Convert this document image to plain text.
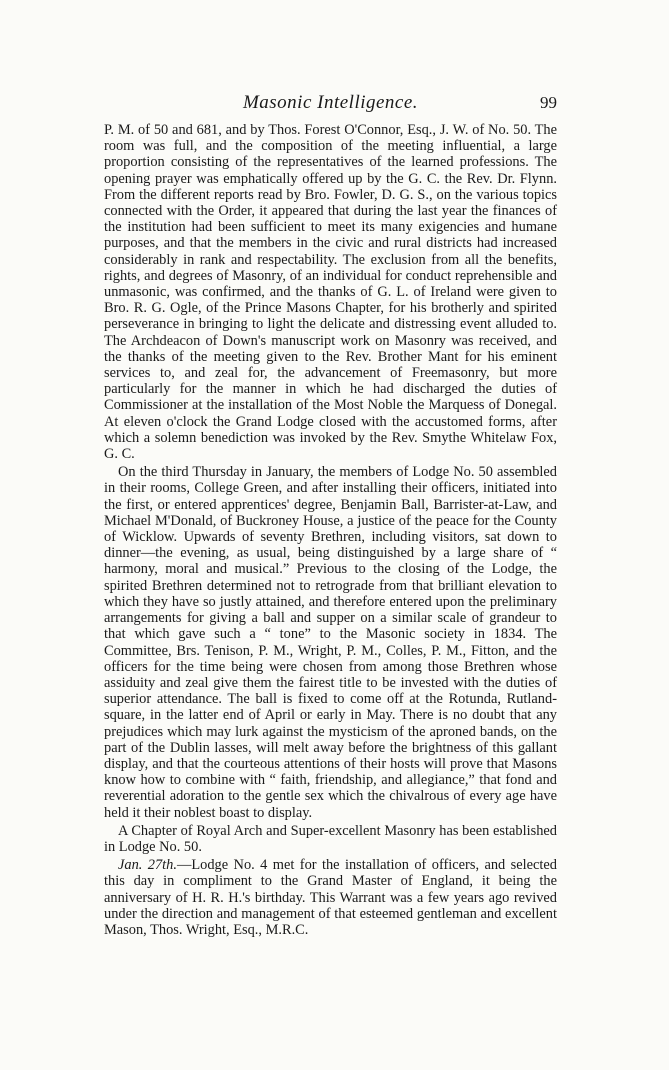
Masonic Intelligence.	99

P. M. of 50 and 681, and by Thos. Forest O'Connor, Esq., J. W. of No. 50. The room was full, and the composition of the meeting influential, a large proportion consisting of the representatives of the learned professions. The opening prayer was emphatically offered up by the G. C. the Rev. Dr. Flynn. From the different reports read by Bro. Fowler, D. G. S., on the various topics connected with the Order, it appeared that during the last year the finances of the institution had been sufficient to meet its many exigencies and humane purposes, and that the members in the civic and rural districts had increased considerably in rank and respectability. The exclusion from all the benefits, rights, and degrees of Masonry, of an individual for conduct reprehensible and unmasonic, was confirmed, and the thanks of G. L. of Ireland were given to Bro. R. G. Ogle, of the Prince Masons Chapter, for his brotherly and spirited perseverance in bringing to light the delicate and distressing event alluded to. The Archdeacon of Down's manuscript work on Masonry was received, and the thanks of the meeting given to the Rev. Brother Mant for his eminent services to, and zeal for, the advancement of Freemasonry, but more particularly for the manner in which he had discharged the duties of Commissioner at the installation of the Most Noble the Marquess of Donegal. At eleven o'clock the Grand Lodge closed with the accustomed forms, after which a solemn benediction was invoked by the Rev. Smythe Whitelaw Fox, G. C.

On the third Thursday in January, the members of Lodge No. 50 assembled in their rooms, College Green, and after installing their officers, initiated into the first, or entered apprentices' degree, Benjamin Ball, Barrister-at-Law, and Michael M'Donald, of Buckroney House, a justice of the peace for the County of Wicklow. Upwards of seventy Brethren, including visitors, sat down to dinner—the evening, as usual, being distinguished by a large share of “ harmony, moral and musical.” Previous to the closing of the Lodge, the spirited Brethren determined not to retrograde from that brilliant elevation to which they have so justly attained, and therefore entered upon the preliminary arrangements for giving a ball and supper on a similar scale of grandeur to that which gave such a “ tone” to the Masonic society in 1834. The Committee, Brs. Tenison, P. M., Wright, P. M., Colles, P. M., Fitton, and the officers for the time being were chosen from among those Brethren whose assiduity and zeal give them the fairest title to be invested with the duties of superior attendance. The ball is fixed to come off at the Rotunda, Rutland-square, in the latter end of April or early in May. There is no doubt that any prejudices which may lurk against the mysticism of the aproned bands, on the part of the Dublin lasses, will melt away before the brightness of this gallant display, and that the courteous attentions of their hosts will prove that Masons know how to combine with “ faith, friendship, and allegiance,” that fond and reverential adoration to the gentle sex which the chivalrous of every age have held it their noblest boast to display.

A Chapter of Royal Arch and Super-excellent Masonry has been established in Lodge No. 50.

Jan. 27th.—Lodge No. 4 met for the installation of officers, and selected this day in compliment to the Grand Master of England, it being the anniversary of H. R. H.'s birthday. This Warrant was a few years ago revived under the direction and management of that esteemed gentleman and excellent Mason, Thos. Wright, Esq., M.R.C.
